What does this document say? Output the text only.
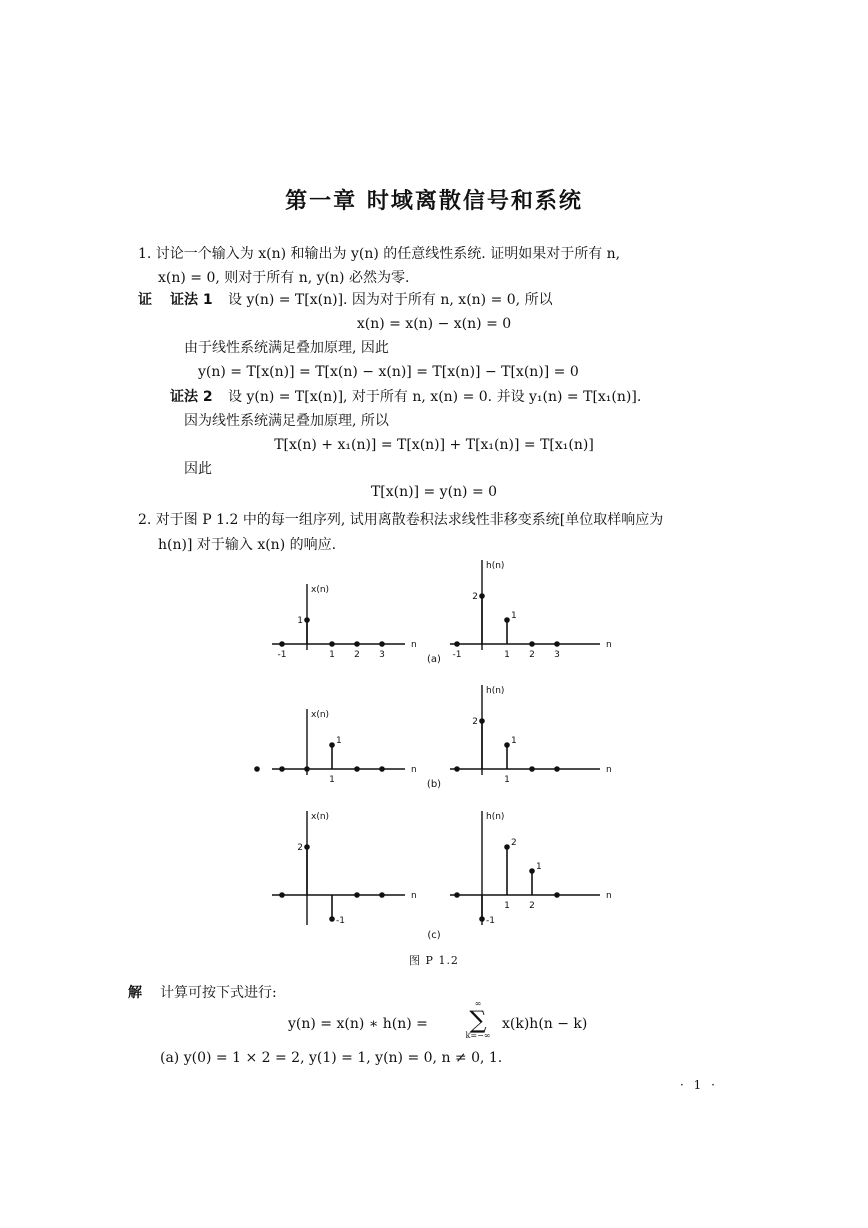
第一章 时域离散信号和系统
1. 讨论一个输入为 x(n) 和输出为 y(n) 的任意线性系统. 证明如果对于所有 n,
x(n) = 0, 则对于所有 n, y(n) 必然为零.
证 证法 1 设 y(n) = T[x(n)]. 因为对于所有 n, x(n) = 0, 所以
x(n) = x(n) − x(n) = 0
由于线性系统满足叠加原理, 因此
y(n) = T[x(n)] = T[x(n) − x(n)] = T[x(n)] − T[x(n)] = 0
证法 2 设 y(n) = T[x(n)], 对于所有 n, x(n) = 0. 并设 y₁(n) = T[x₁(n)].
因为线性系统满足叠加原理, 所以
T[x(n) + x₁(n)] = T[x(n)] + T[x₁(n)] = T[x₁(n)]
因此
T[x(n)] = y(n) = 0
2. 对于图 P 1.2 中的每一组序列, 试用离散卷积法求线性非移变系统[单位取样响应为
h(n)] 对于输入 x(n) 的响应.
x(n)
n
1
-1	1 2 3
h(n)
n
2
1
-1	1 2 3
(a)
x(n)
n
1
1
h(n)
n
2
1
1
(b)
x(n)
n
2
-1
h(n)
n
-1
2
1
1 2
(c)
图 P 1.2
解 计算可按下式进行:
y(n) = x(n) ∗ h(n) =
∞
∑
k=−∞
x(k)h(n − k)
(a) y(0) = 1 × 2 = 2, y(1) = 1, y(n) = 0, n ≠ 0, 1.
· 1 ·
